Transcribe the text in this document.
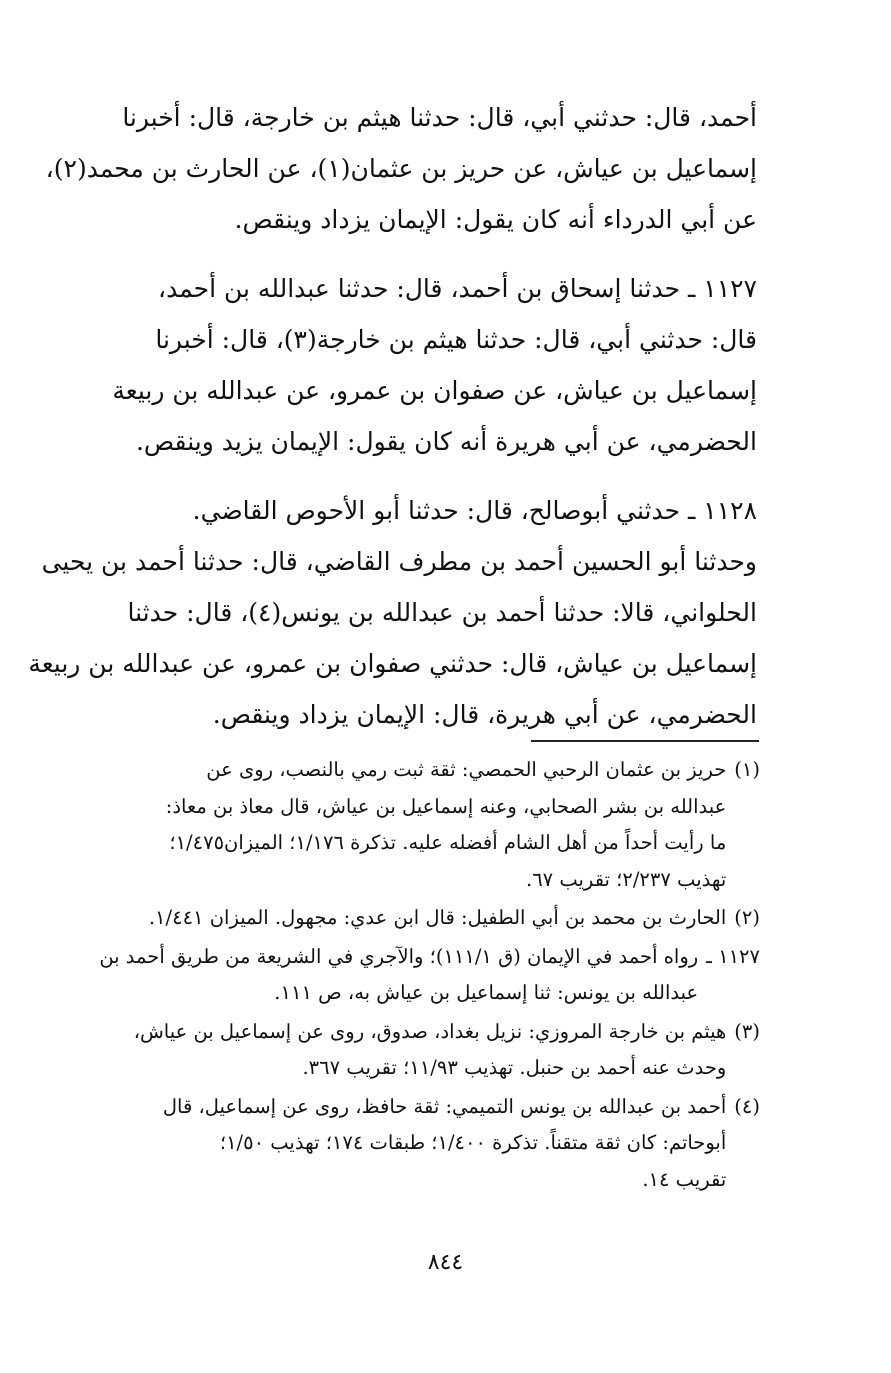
أحمد، قال: حدثني أبي، قال: حدثنا هيثم بن خارجة، قال: أخبرنا
إسماعيل بن عياش، عن حريز بن عثمان(١)، عن الحارث بن محمد(٢)،
عن أبي الدرداء أنه كان يقول: الإيمان يزداد وينقص.
١١٢٧ ـ حدثنا إسحاق بن أحمد، قال: حدثنا عبدالله بن أحمد،
قال: حدثني أبي، قال: حدثنا هيثم بن خارجة(٣)، قال: أخبرنا
إسماعيل بن عياش، عن صفوان بن عمرو، عن عبدالله بن ربيعة
الحضرمي، عن أبي هريرة أنه كان يقول: الإيمان يزيد وينقص.
١١٢٨ ـ حدثني أبوصالح، قال: حدثنا أبو الأحوص القاضي.
وحدثنا أبو الحسين أحمد بن مطرف القاضي، قال: حدثنا أحمد بن يحيى
الحلواني، قالا: حدثنا أحمد بن عبدالله بن يونس(٤)، قال: حدثنا
إسماعيل بن عياش، قال: حدثني صفوان بن عمرو، عن عبدالله بن ربيعة
الحضرمي، عن أبي هريرة، قال: الإيمان يزداد وينقص.
(١)
حريز بن عثمان الرحبي الحمصي: ثقة ثبت رمي بالنصب، روى عن
عبدالله بن بشر الصحابي، وعنه إسماعيل بن عياش، قال معاذ بن معاذ:
ما رأيت أحداً من أهل الشام أفضله عليه. تذكرة ١/١٧٦؛ الميزان١/٤٧٥؛
تهذيب ٢/٢٣٧؛ تقريب ٦٧.
(٢)
الحارث بن محمد بن أبي الطفيل: قال ابن عدي: مجهول. الميزان ١/٤٤١.
١١٢٧ ـ
رواه أحمد في الإيمان (ق ١١١/١)؛ والآجري في الشريعة من طريق أحمد بن
عبدالله بن يونس: ثنا إسماعيل بن عياش به، ص ١١١.
(٣)
هيثم بن خارجة المروزي: نزيل بغداد، صدوق، روى عن إسماعيل بن عياش،
وحدث عنه أحمد بن حنبل. تهذيب ١١/٩٣؛ تقريب ٣٦٧.
(٤)
أحمد بن عبدالله بن يونس التميمي: ثقة حافظ، روى عن إسماعيل، قال
أبوحاتم: كان ثقة متقناً. تذكرة ١/٤٠٠؛ طبقات ١٧٤؛ تهذيب ١/٥٠؛
تقريب ١٤.
٨٤٤
